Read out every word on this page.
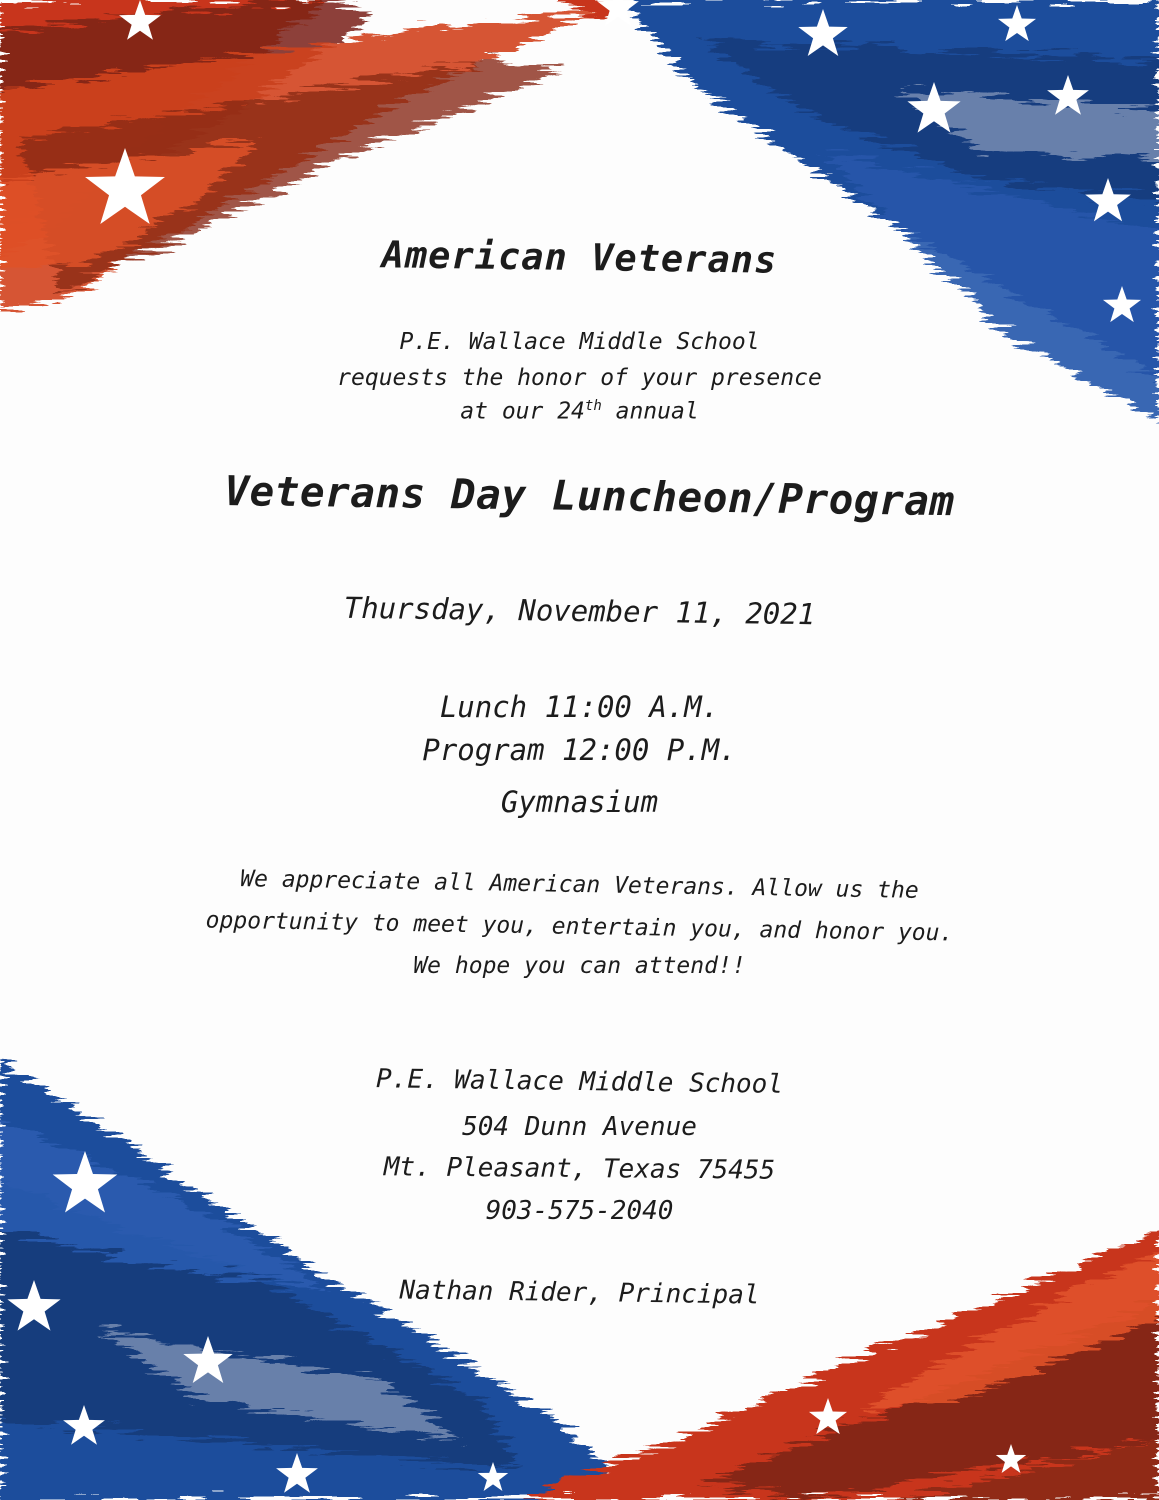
American Veterans

P.E. Wallace Middle School

requests the honor of your presence

at our 24th annual

Veterans Day Luncheon/Program

Thursday, November 11, 2021

Lunch 11:00 A.M.

Program 12:00 P.M.

Gymnasium

We appreciate all American Veterans. Allow us the

opportunity to meet you, entertain you, and honor you.

We hope you can attend!!

P.E. Wallace Middle School

504 Dunn Avenue

Mt. Pleasant, Texas 75455

903-575-2040

Nathan Rider, Principal
